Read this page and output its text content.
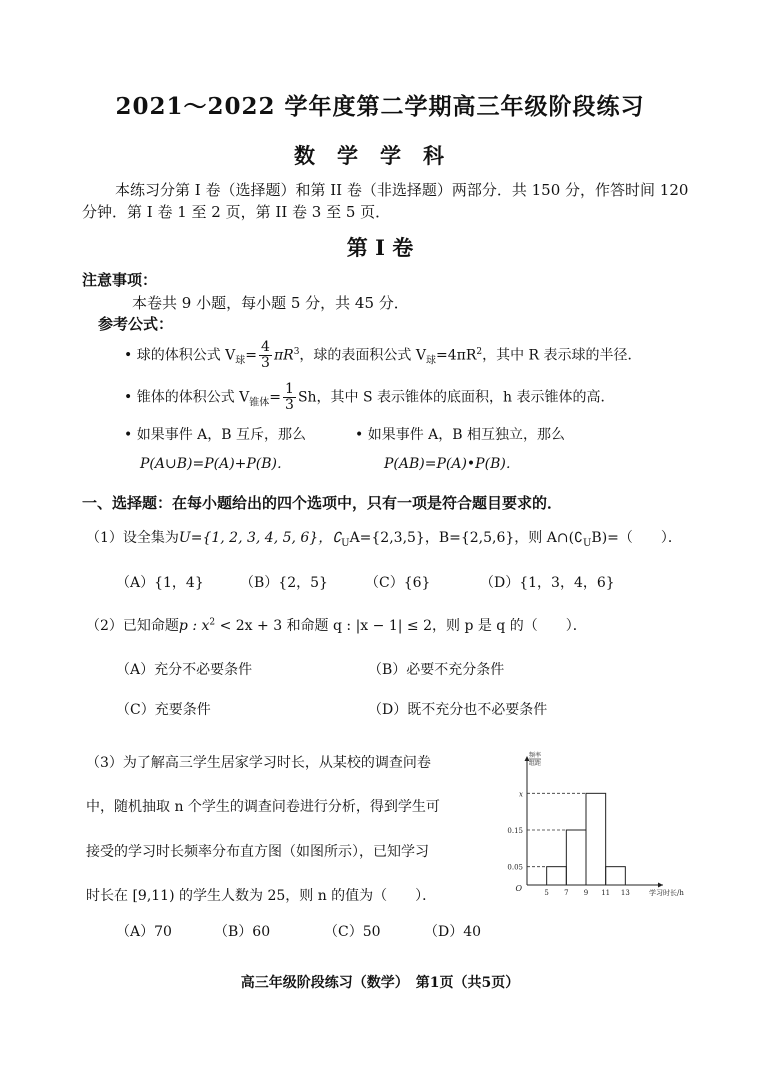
2021～2022 学年度第二学期高三年级阶段练习
数学学科
本练习分第 I 卷（选择题）和第 II 卷（非选择题）两部分．共 150 分，作答时间 120
分钟．第 I 卷 1 至 2 页，第 II 卷 3 至 5 页．
第 I 卷
注意事项：
本卷共 9 小题，每小题 5 分，共 45 分．
参考公式：
• 球的体积公式 $V_球= \frac{4}{3} \pi R^3$，球的表面积公式 $V_球=4\pi R^2$，其中 R 表示球的半径．
• 锥体的体积公式 $V_{锥体}= \frac{1}{3}$ Sh，其中 S 表示锥体的底面积，h 表示锥体的高．
• 如果事件 A，B 互斥，那么
P(A∪B)=P(A)+P(B)．
• 如果事件 A，B 相互独立，那么
P(AB)=P(A)•P(B)．
一、选择题：在每小题给出的四个选项中，只有一项是符合题目要求的．
（1）设全集为U={1, 2, 3, 4, 5, 6}，$∁_UA=\{2,3,5\}$，B={2,5,6}，则 $A\cap(∁_UB)=$（　　）．
（A）{1，4}	（B）{2，5}	（C）{6}	（D）{1，3，4，6}
（2）已知命题p : $x^2 < 2x + 3$ 和命题 q : |x − 1| ≤ 2，则 p 是 q 的（　　）．
（A）充分不必要条件	（B）必要不充分条件
（C）充要条件	（D）既不充分也不必要条件
（3）为了解高三学生居家学习时长，从某校的调查问卷
中，随机抽取 n 个学生的调查问卷进行分析，得到学生可
接受的学习时长频率分布直方图（如图所示），已知学习
时长在 [9,11) 的学生人数为 25，则 n 的值为（　　）．
（A）70	（B）60	（C）50	（D）40
x
0.15
0.05
5 7 9 11 13
O	学习时长/h
频率
组距
高三年级阶段练习（数学）　第1页（共5页）
